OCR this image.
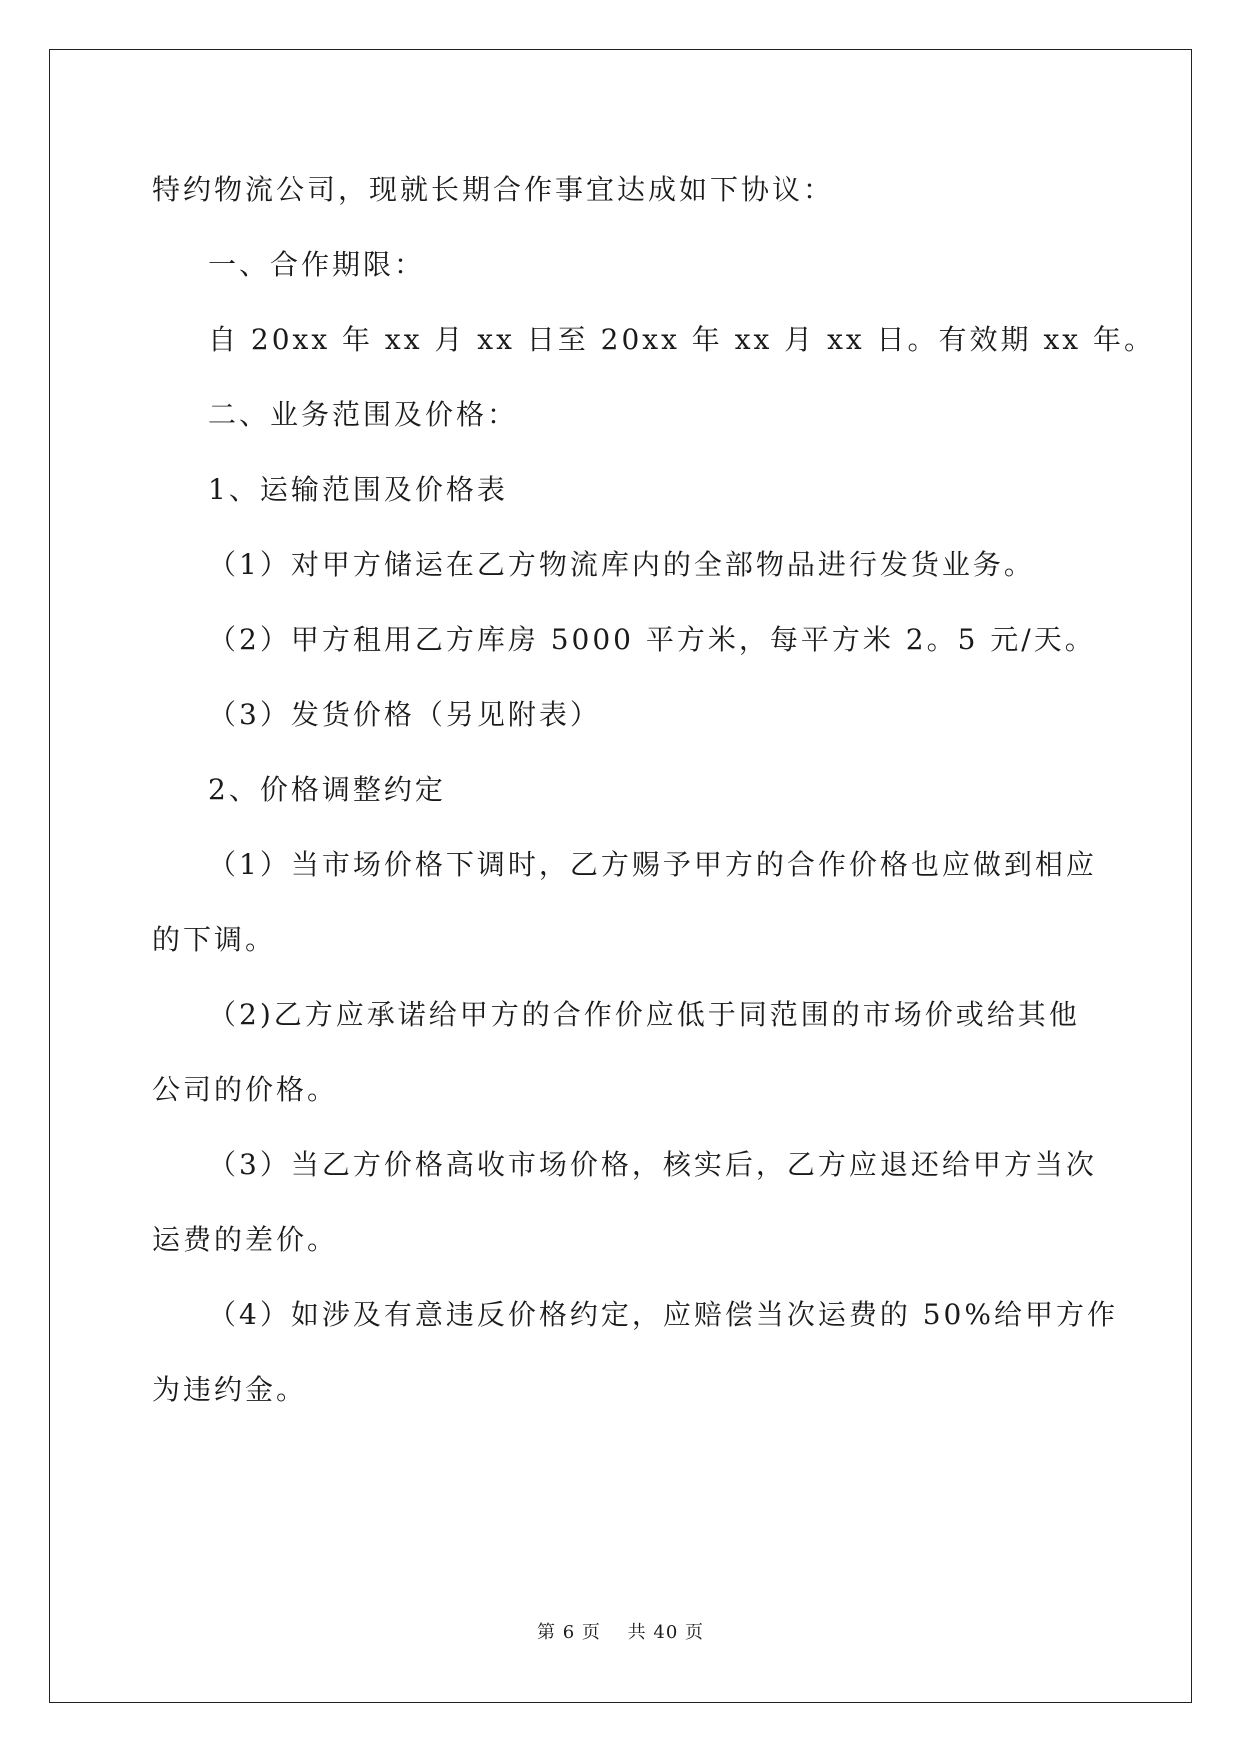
特约物流公司，现就长期合作事宜达成如下协议：
一、合作期限：
自 20xx 年 xx 月 xx 日至 20xx 年 xx 月 xx 日。有效期 xx 年。
二、业务范围及价格：
1、运输范围及价格表
（1）对甲方储运在乙方物流库内的全部物品进行发货业务。
（2）甲方租用乙方库房 5000 平方米，每平方米 2。5 元/天。
（3）发货价格（另见附表）
2、价格调整约定
（1）当市场价格下调时，乙方赐予甲方的合作价格也应做到相应
的下调。
（2)乙方应承诺给甲方的合作价应低于同范围的市场价或给其他
公司的价格。
（3）当乙方价格高收市场价格，核实后，乙方应退还给甲方当次
运费的差价。
（4）如涉及有意违反价格约定，应赔偿当次运费的 50%给甲方作
为违约金。
第 6 页 共 40 页
